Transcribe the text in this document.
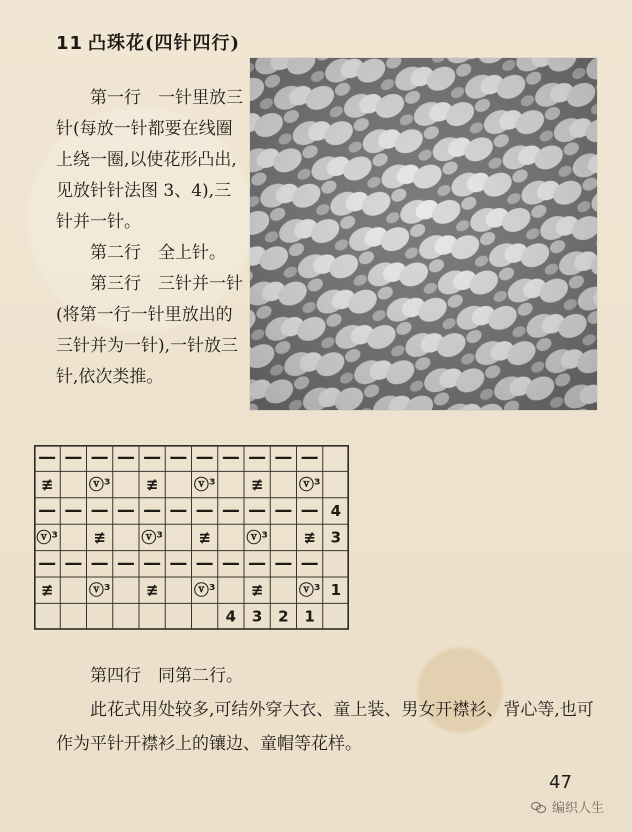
11 凸珠花(四针四行)

第一行　一针里放三针(每放一针都要在线圈上绕一圈,以使花形凸出,见放针针法图 3、4),三针并一针。

第二行　全上针。

第三行　三针并一针(将第一行一针里放出的三针并为一针),一针放三针,依次类推。

— — — — — — — — — — —
≢ ⓥ³ ≢ ⓥ³ ≢ ⓥ³
— — — — — — — — — — — 4
ⓥ³ ≢ ⓥ³ ≢ ⓥ³ ≢ 3
— — — — — — — — — — —
≢ ⓥ³ ≢ ⓥ³ ≢ ⓥ³ 1
4 3 2 1

第四行　同第二行。

此花式用处较多,可结外穿大衣、童上装、男女开襟衫、背心等,也可作为平针开襟衫上的镶边、童帽等花样。

47
编织人生
